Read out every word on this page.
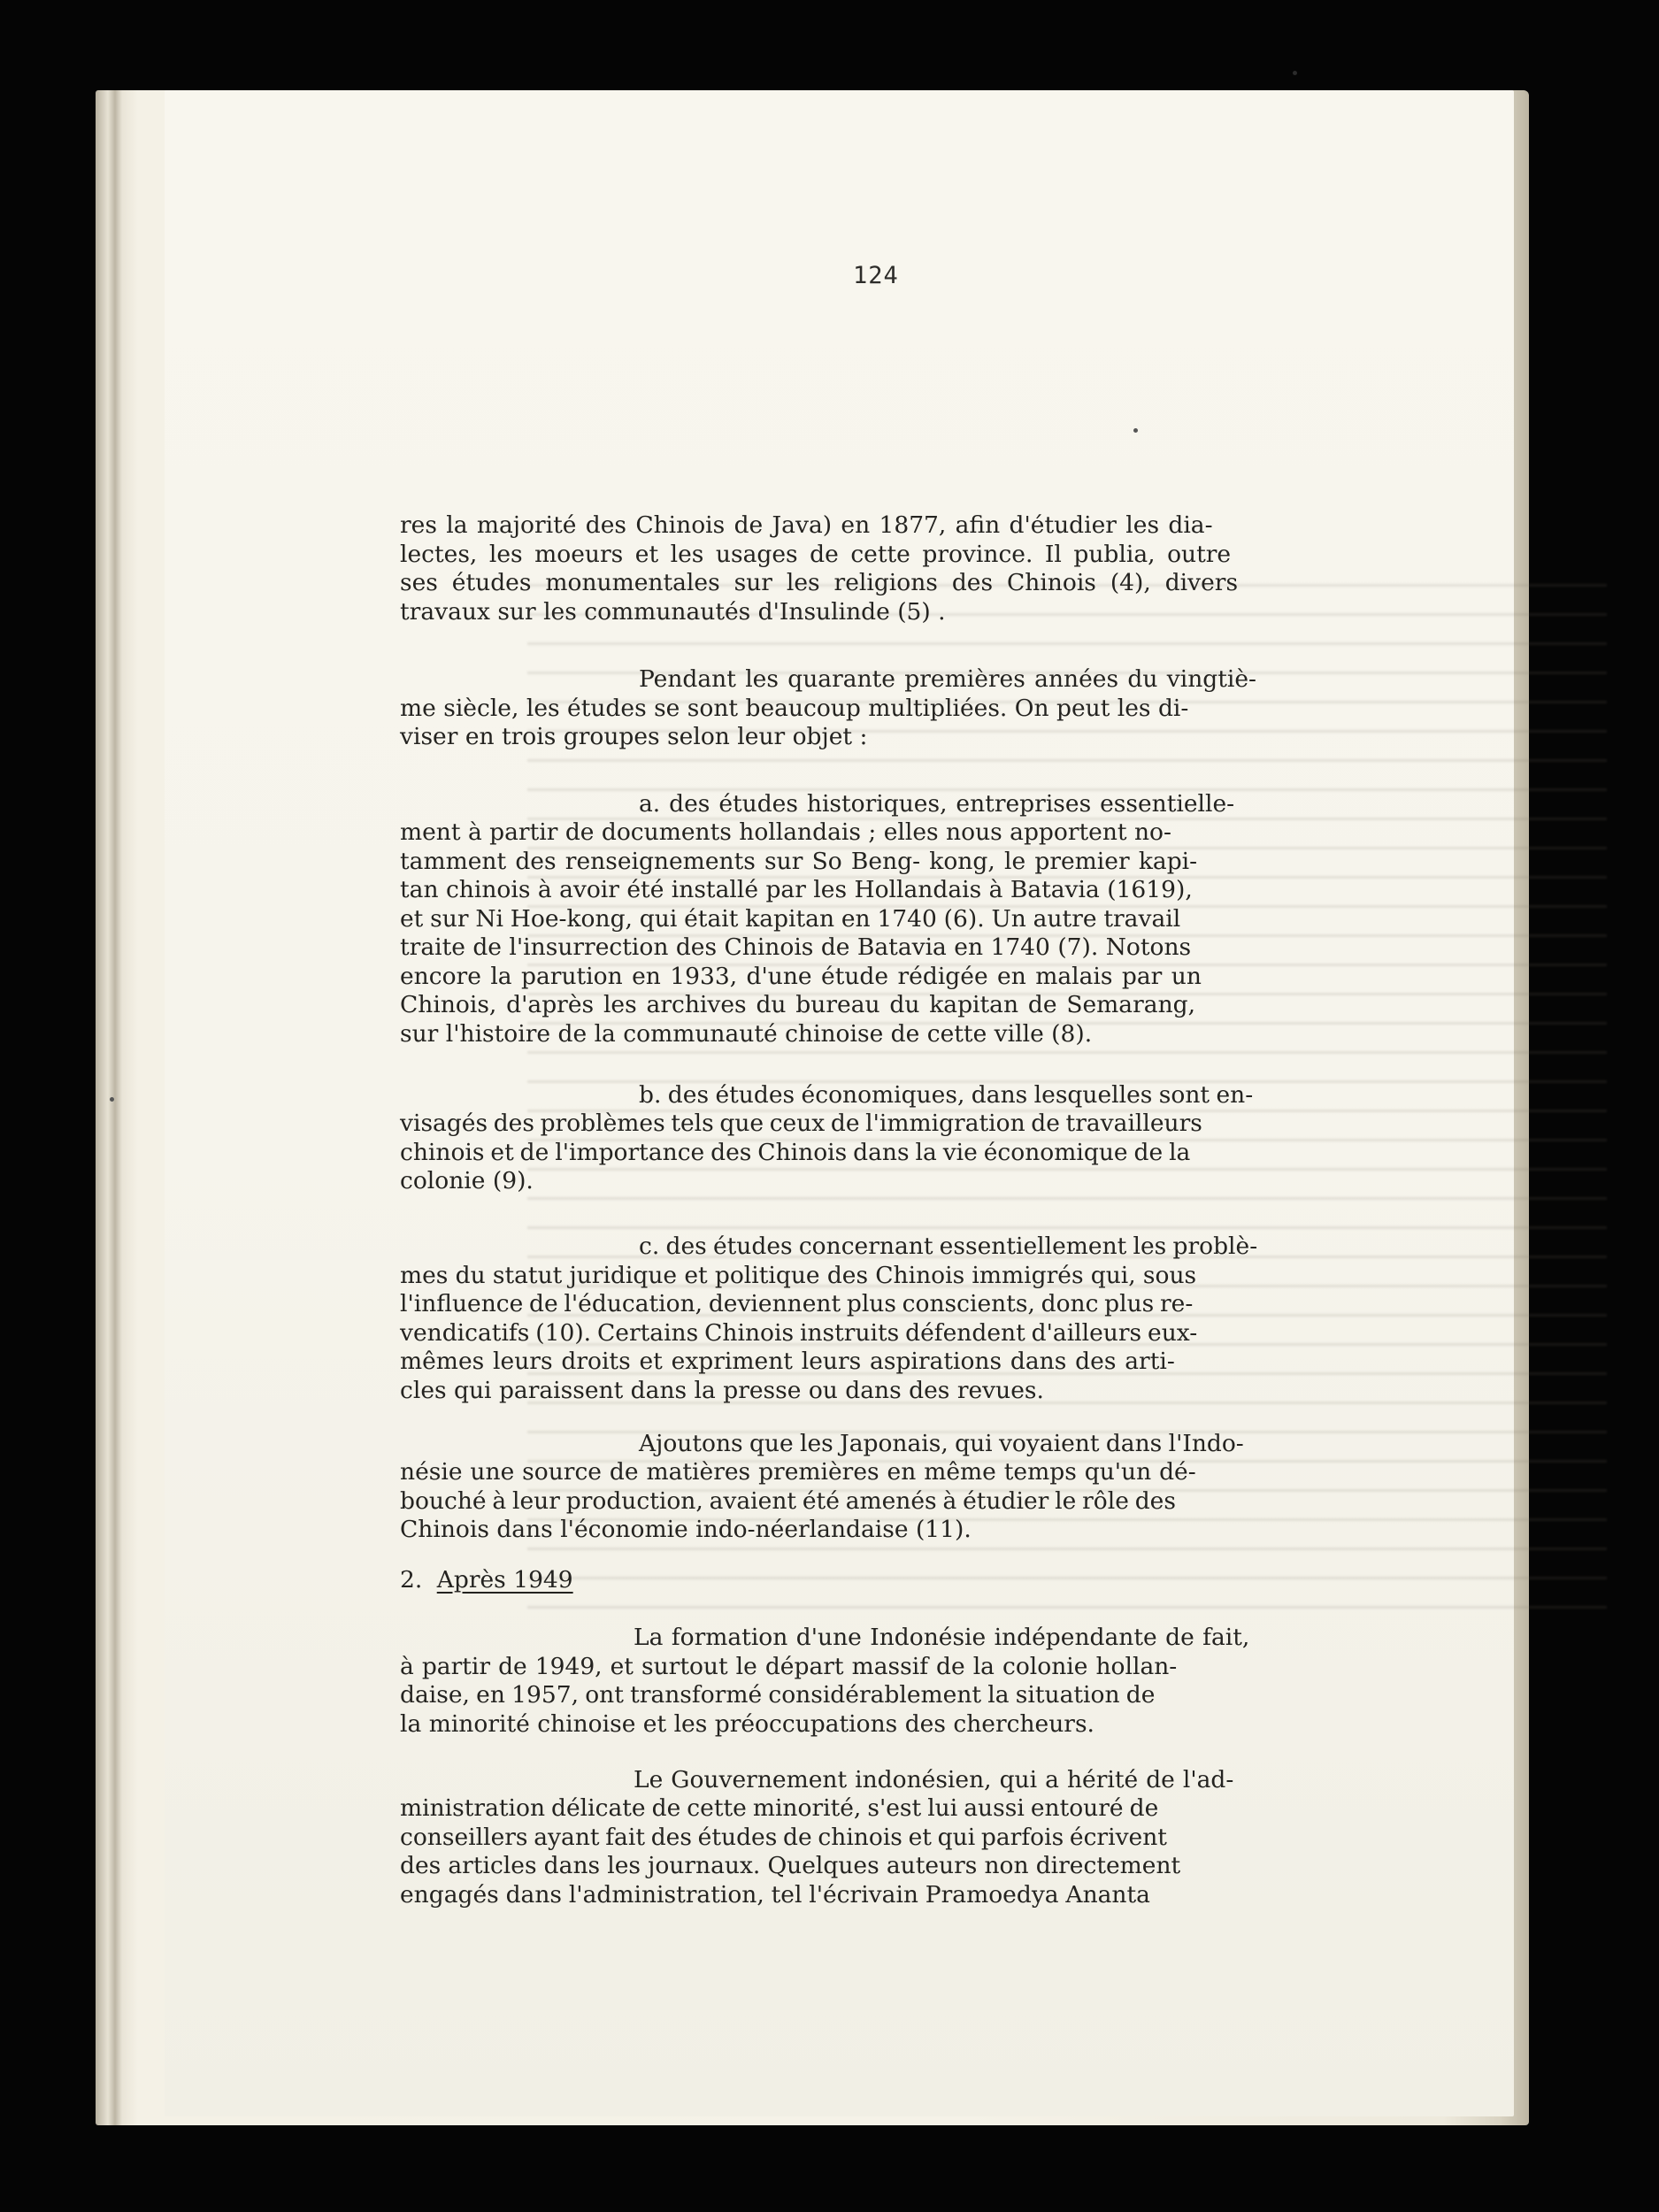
124
res la majorité des Chinois de Java) en 1877, afin d'étudier les dia-
lectes, les moeurs et les usages de cette province. Il publia, outre
ses études monumentales sur les religions des Chinois (4), divers
travaux sur les communautés d'Insulinde (5) .
Pendant les quarante premières années du vingtiè-
me siècle, les études se sont beaucoup multipliées. On peut les di-
viser en trois groupes selon leur objet :
a. des études historiques, entreprises essentielle-
ment à partir de documents hollandais ; elles nous apportent no-
tamment des renseignements sur So Beng- kong, le premier kapi-
tan chinois à avoir été installé par les Hollandais à Batavia (1619),
et sur Ni Hoe-kong, qui était kapitan en 1740 (6). Un autre travail
traite de l'insurrection des Chinois de Batavia en 1740 (7). Notons
encore la parution en 1933, d'une étude rédigée en malais par un
Chinois, d'après les archives du bureau du kapitan de Semarang,
sur l'histoire de la communauté chinoise de cette ville (8).
b. des études économiques, dans lesquelles sont en-
visagés des problèmes tels que ceux de l'immigration de travailleurs
chinois et de l'importance des Chinois dans la vie économique de la
colonie (9).
c. des études concernant essentiellement les problè-
mes du statut juridique et politique des Chinois immigrés qui, sous
l'influence de l'éducation, deviennent plus conscients, donc plus re-
vendicatifs (10). Certains Chinois instruits défendent d'ailleurs eux-
mêmes leurs droits et expriment leurs aspirations dans des arti-
cles qui paraissent dans la presse ou dans des revues.
Ajoutons que les Japonais, qui voyaient dans l'Indo-
nésie une source de matières premières en même temps qu'un dé-
bouché à leur production, avaient été amenés à étudier le rôle des
Chinois dans l'économie indo-néerlandaise (11).
2. Après 1949
La formation d'une Indonésie indépendante de fait,
à partir de 1949, et surtout le départ massif de la colonie hollan-
daise, en 1957, ont transformé considérablement la situation de
la minorité chinoise et les préoccupations des chercheurs.
Le Gouvernement indonésien, qui a hérité de l'ad-
ministration délicate de cette minorité, s'est lui aussi entouré de
conseillers ayant fait des études de chinois et qui parfois écrivent
des articles dans les journaux. Quelques auteurs non directement
engagés dans l'administration, tel l'écrivain Pramoedya Ananta
